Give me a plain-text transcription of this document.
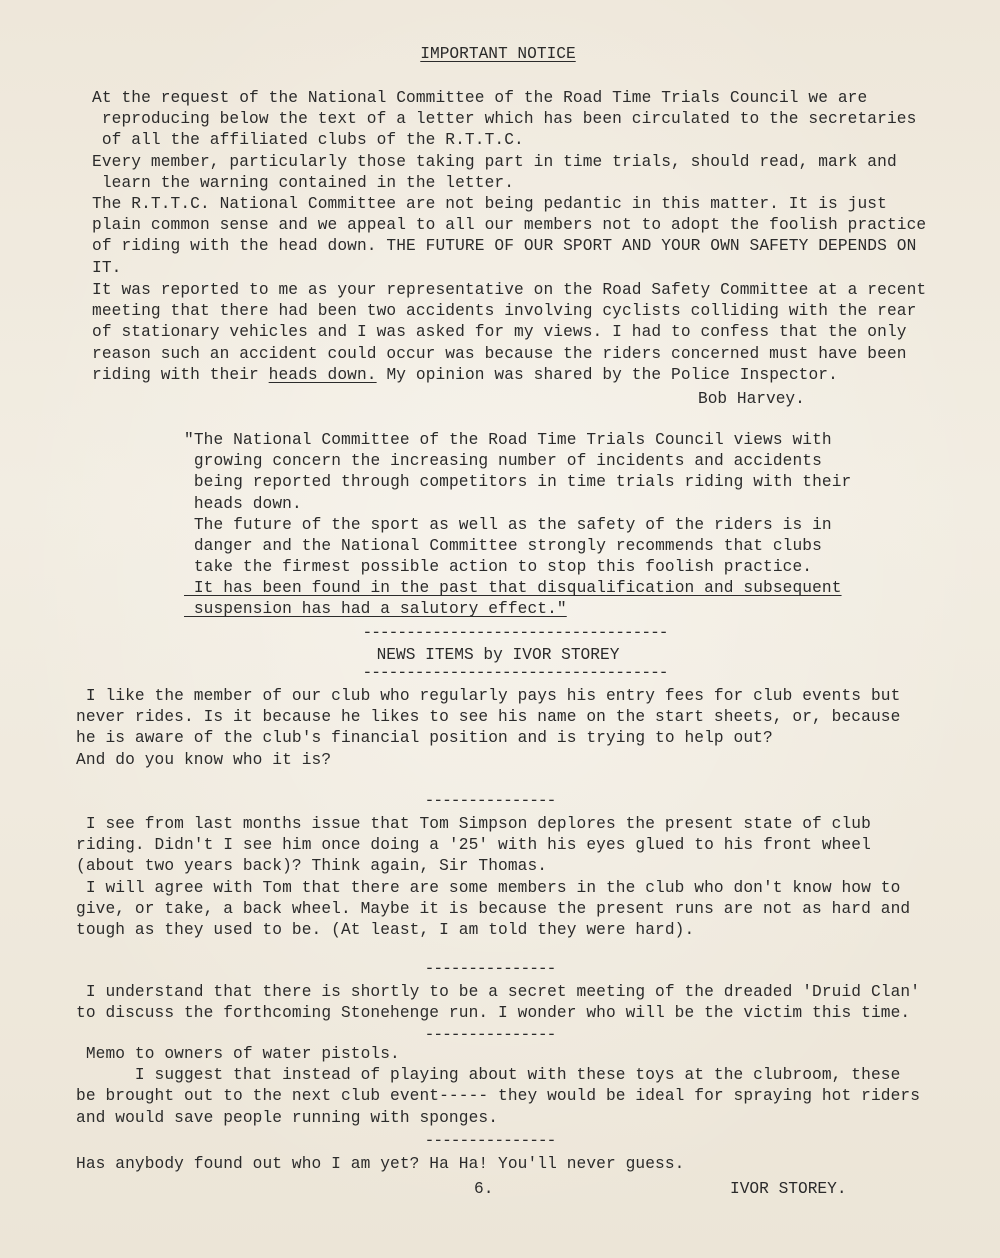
IMPORTANT NOTICE

At the request of the National Committee of the Road Time Trials Council we are
reproducing below the text of a letter which has been circulated to the secretaries
of all the affiliated clubs of the R.T.T.C.
Every member, particularly those taking part in time trials, should read, mark and
learn the warning contained in the letter.
The R.T.T.C. National Committee are not being pedantic in this matter. It is just
plain common sense and we appeal to all our members not to adopt the foolish practice
of riding with the head down. THE FUTURE OF OUR SPORT AND YOUR OWN SAFETY DEPENDS ON
IT.

It was reported to me as your representative on the Road Safety Committee at a recent
meeting that there had been two accidents involving cyclists colliding with the rear
of stationary vehicles and I was asked for my views. I had to confess that the only
reason such an accident could occur was because the riders concerned must have been
riding with their heads down. My opinion was shared by the Police Inspector.

Bob Harvey.

"The National Committee of the Road Time Trials Council views with
growing concern the increasing number of incidents and accidents
being reported through competitors in time trials riding with their
heads down.
The future of the sport as well as the safety of the riders is in
danger and the National Committee strongly recommends that clubs
take the firmest possible action to stop this foolish practice.

It has been found in the past that disqualification and subsequent
suspension has had a salutory effect."

-----------------------------------

NEWS ITEMS by IVOR STOREY

-----------------------------------

I like the member of our club who regularly pays his entry fees for club events but
never rides. Is it because he likes to see his name on the start sheets, or, because
he is aware of the club's financial position and is trying to help out?
And do you know who it is?

---------------

I see from last months issue that Tom Simpson deplores the present state of club
riding. Didn't I see him once doing a '25' with his eyes glued to his front wheel
(about two years back)? Think again, Sir Thomas.
I will agree with Tom that there are some members in the club who don't know how to
give, or take, a back wheel. Maybe it is because the present runs are not as hard and
tough as they used to be. (At least, I am told they were hard).

---------------

I understand that there is shortly to be a secret meeting of the dreaded 'Druid Clan'
to discuss the forthcoming Stonehenge run. I wonder who will be the victim this time.

---------------

Memo to owners of water pistols.
I suggest that instead of playing about with these toys at the clubroom, these
be brought out to the next club event----- they would be ideal for spraying hot riders
and would save people running with sponges.

---------------

Has anybody found out who I am yet? Ha Ha! You'll never guess.

6.	IVOR STOREY.
